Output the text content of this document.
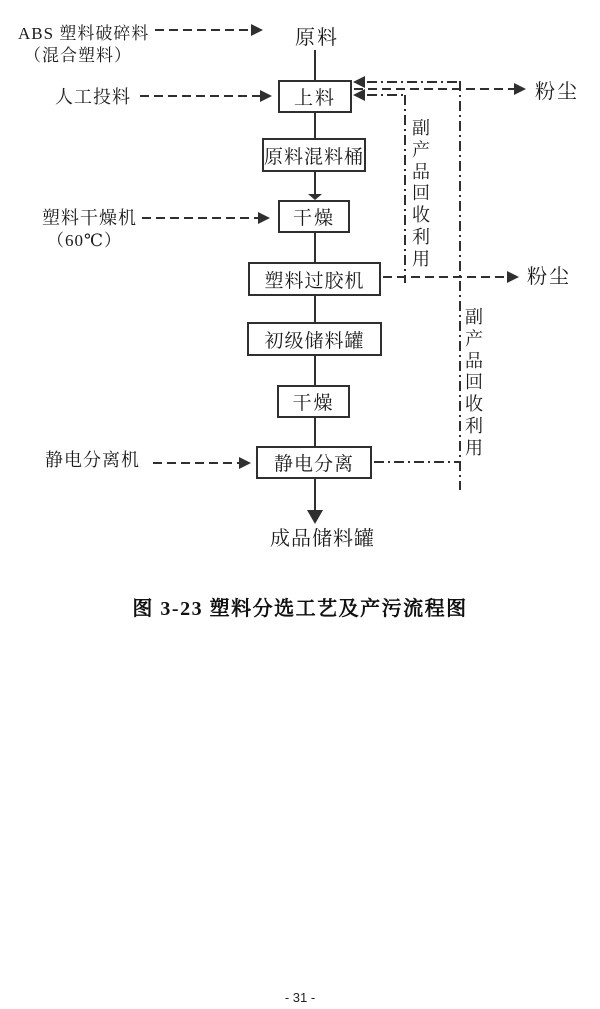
ABS 塑料破碎料
（混合塑料）
人工投料
塑料干燥机
（60℃）
静电分离机
原料
上料
原料混料桶
干燥
塑料过胶机
初级储料罐
干燥
静电分离
成品储料罐
粉尘
粉尘
副产品回收利用
副产品回收利用
图 3-23 塑料分选工艺及产污流程图
- 31 -
